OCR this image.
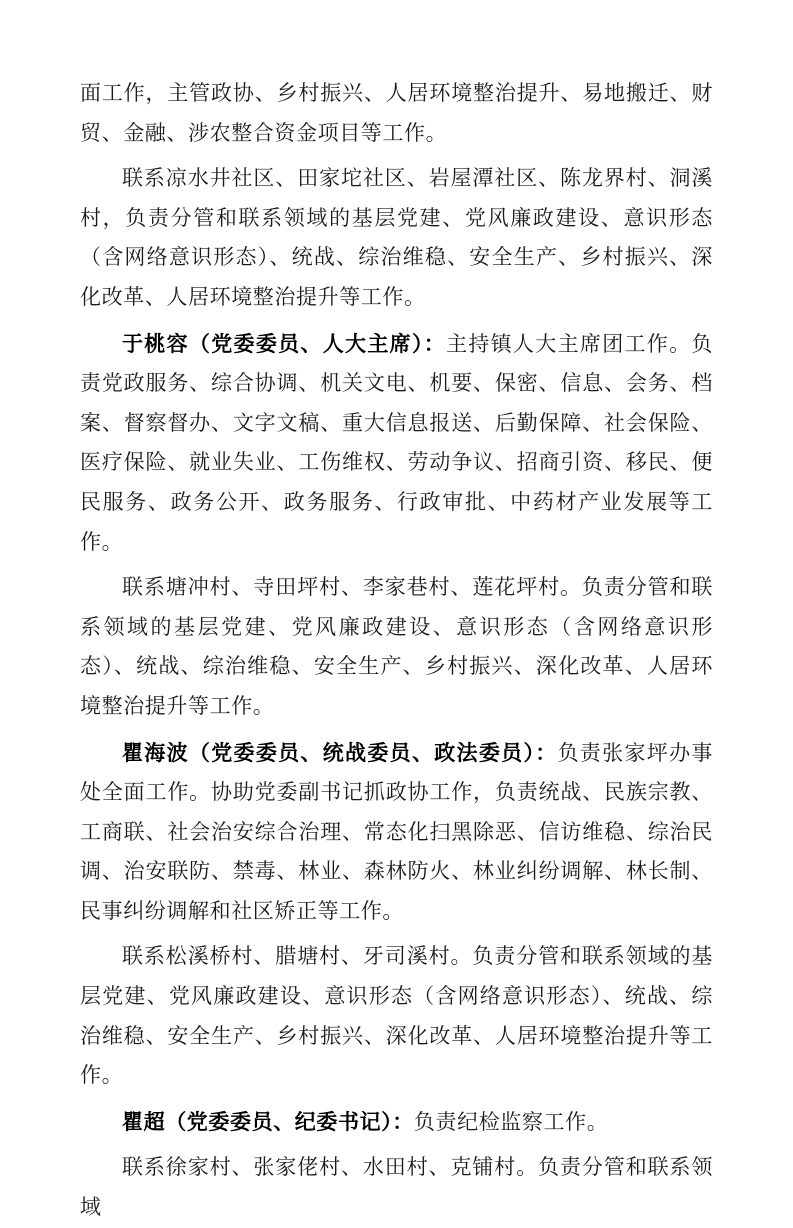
面工作，主管政协、乡村振兴、人居环境整治提升、易地搬迁、财贸、金融、涉农整合资金项目等工作。

联系凉水井社区、田家坨社区、岩屋潭社区、陈龙界村、洞溪村，负责分管和联系领域的基层党建、党风廉政建设、意识形态（含网络意识形态）、统战、综治维稳、安全生产、乡村振兴、深化改革、人居环境整治提升等工作。

于桃容（党委委员、人大主席）：主持镇人大主席团工作。负责党政服务、综合协调、机关文电、机要、保密、信息、会务、档案、督察督办、文字文稿、重大信息报送、后勤保障、社会保险、医疗保险、就业失业、工伤维权、劳动争议、招商引资、移民、便民服务、政务公开、政务服务、行政审批、中药材产业发展等工作。

联系塘冲村、寺田坪村、李家巷村、莲花坪村。负责分管和联系领域的基层党建、党风廉政建设、意识形态（含网络意识形态）、统战、综治维稳、安全生产、乡村振兴、深化改革、人居环境整治提升等工作。

瞿海波（党委委员、统战委员、政法委员）：负责张家坪办事处全面工作。协助党委副书记抓政协工作，负责统战、民族宗教、工商联、社会治安综合治理、常态化扫黑除恶、信访维稳、综治民调、治安联防、禁毒、林业、森林防火、林业纠纷调解、林长制、民事纠纷调解和社区矫正等工作。

联系松溪桥村、腊塘村、牙司溪村。负责分管和联系领域的基层党建、党风廉政建设、意识形态（含网络意识形态）、统战、综治维稳、安全生产、乡村振兴、深化改革、人居环境整治提升等工作。

瞿超（党委委员、纪委书记）：负责纪检监察工作。

联系徐家村、张家佬村、水田村、克铺村。负责分管和联系领域
